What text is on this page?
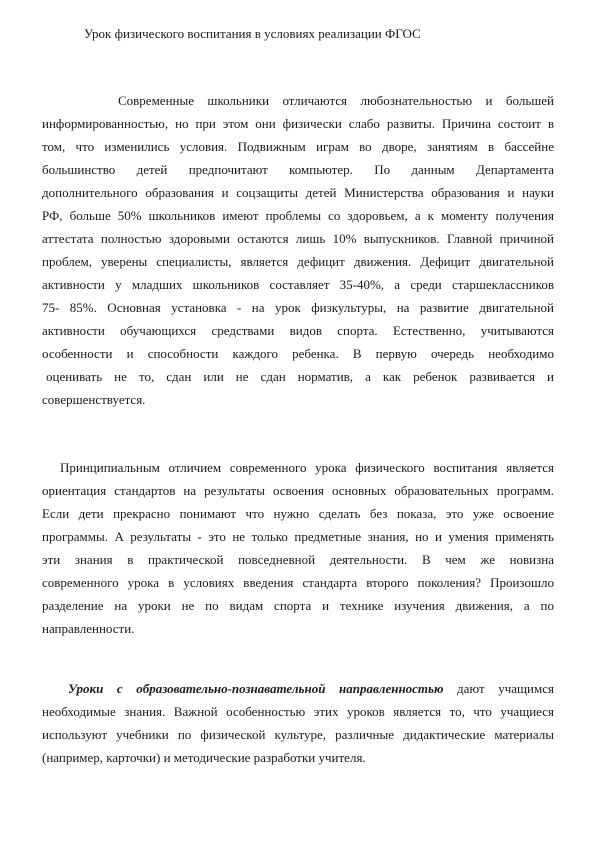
Урок физического воспитания в условиях реализации ФГОС
Современные школьники отличаются любознательностью и большей
информированностью, но при этом они физически слабо развиты. Причина состоит в
том, что изменились условия. Подвижным играм во дворе, занятиям в бассейне
большинство детей предпочитают компьютер. По данным Департамента
дополнительного образования и соцзащиты детей Министерства образования и науки
РФ, больше 50% школьников имеют проблемы со здоровьем, а к моменту получения
аттестата полностью здоровыми остаются лишь 10% выпускников. Главной причиной
проблем, уверены специалисты, является дефицит движения. Дефицит двигательной
активности у младших школьников составляет 35-40%, а среди старшеклассников
75- 85%. Основная установка - на урок физкультуры, на развитие двигательной
активности обучающихся средствами видов спорта. Естественно, учитываются
особенности и способности каждого ребенка. В первую очередь необходимо
оценивать не то, сдан или не сдан норматив, а как ребенок развивается и
совершенствуется.
Принципиальным отличием современного урока физического воспитания является
ориентация стандартов на результаты освоения основных образовательных программ.
Если дети прекрасно понимают что нужно сделать без показа, это уже освоение
программы. А результаты - это не только предметные знания, но и умения применять
эти знания в практической повседневной деятельности. В чем же новизна
современного урока в условиях введения стандарта второго поколения? Произошло
разделение на уроки не по видам спорта и технике изучения движения, а по
направленности.
Уроки с образовательно-познавательной направленностью дают учащимся
необходимые знания. Важной особенностью этих уроков является то, что учащиеся
используют учебники по физической культуре, различные дидактические материалы
(например, карточки) и методические разработки учителя.
